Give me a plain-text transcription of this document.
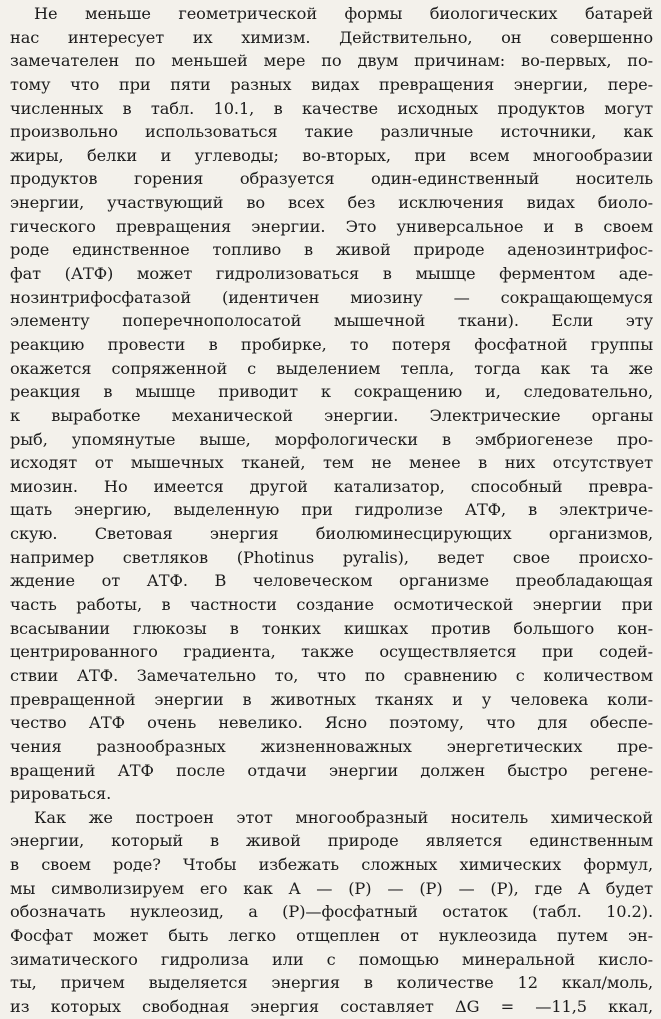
Не меньше геометрической формы биологических батарей
нас интересует их химизм. Действительно, он совершенно
замечателен по меньшей мере по двум причинам: во-первых, по-
тому что при пяти разных видах превращения энергии, пере-
численных в табл. 10.1, в качестве исходных продуктов могут
произвольно использоваться такие различные источники, как
жиры, белки и углеводы; во-вторых, при всем многообразии
продуктов горения образуется один-единственный носитель
энергии, участвующий во всех без исключения видах биоло-
гического превращения энергии. Это универсальное и в своем
роде единственное топливо в живой природе аденозинтрифос-
фат (АТФ) может гидролизоваться в мышце ферментом аде-
нозинтрифосфатазой (идентичен миозину — сокращающемуся
элементу поперечнополосатой мышечной ткани). Если эту
реакцию провести в пробирке, то потеря фосфатной группы
окажется сопряженной с выделением тепла, тогда как та же
реакция в мышце приводит к сокращению и, следовательно,
к выработке механической энергии. Электрические органы
рыб, упомянутые выше, морфологически в эмбриогенезе про-
исходят от мышечных тканей, тем не менее в них отсутствует
миозин. Но имеется другой катализатор, способный превра-
щать энергию, выделенную при гидролизе АТФ, в электриче-
скую. Световая энергия биолюминесцирующих организмов,
например светляков (Photinus pyralis), ведет свое происхо-
ждение от АТФ. В человеческом организме преобладающая
часть работы, в частности создание осмотической энергии при
всасывании глюкозы в тонких кишках против большого кон-
центрированного градиента, также осуществляется при содей-
ствии АТФ. Замечательно то, что по сравнению с количеством
превращенной энергии в животных тканях и у человека коли-
чество АТФ очень невелико. Ясно поэтому, что для обеспе-
чения разнообразных жизненноважных энергетических пре-
вращений АТФ после отдачи энергии должен быстро регене-
рироваться.
Как же построен этот многообразный носитель химической
энергии, который в живой природе является единственным
в своем роде? Чтобы избежать сложных химических формул,
мы символизируем его как A — (P) — (P) — (P), где A будет
обозначать нуклеозид, а (P)—фосфатный остаток (табл. 10.2).
Фосфат может быть легко отщеплен от нуклеозида путем эн-
зиматического гидролиза или с помощью минеральной кисло-
ты, причем выделяется энергия в количестве 12 ккал/моль,
из которых свободная энергия составляет ΔG = —11,5 ккал,
